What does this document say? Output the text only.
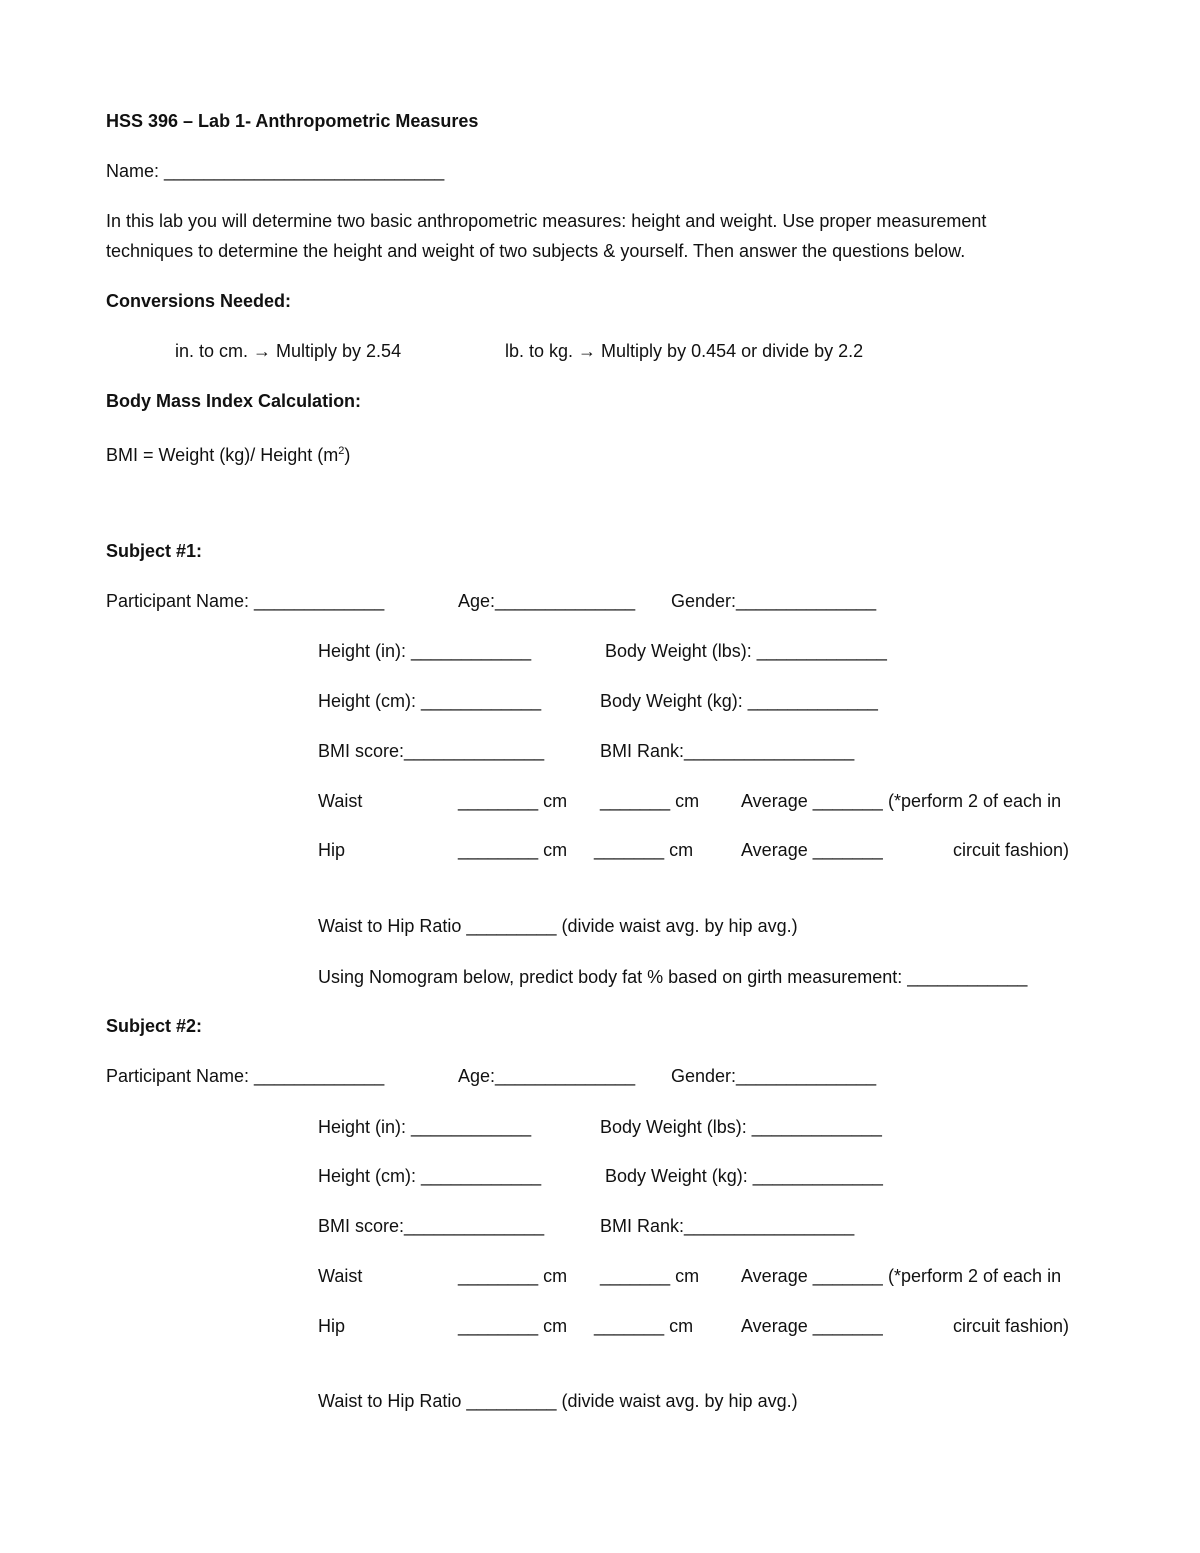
HSS 396 – Lab 1- Anthropometric Measures
Name: ____________________________
In this lab you will determine two basic anthropometric measures: height and weight. Use proper measurement
techniques to determine the height and weight of two subjects & yourself. Then answer the questions below.
Conversions Needed:
in. to cm. → Multiply by 2.54	lb. to kg. → Multiply by 0.454 or divide by 2.2
Body Mass Index Calculation:
BMI = Weight (kg)/ Height $(m^2)$
Subject #1:
Participant Name: _____________	Age:______________ Gender:______________
Height (in): ____________	Body Weight (lbs): _____________
Height (cm): ____________	Body Weight (kg): _____________
BMI score:______________	BMI Rank:_________________
Waist	________ cm _______ cm Average _______ (*perform 2 of each in
Hip	________ cm _______ cm	Average _______	circuit fashion)
Waist to Hip Ratio _________ (divide waist avg. by hip avg.)
Using Nomogram below, predict body fat % based on girth measurement: ____________
Subject #2:
Participant Name: _____________	Age:______________ Gender:______________
Height (in): ____________	Body Weight (lbs): _____________
Height (cm): ____________	Body Weight (kg): _____________
BMI score:______________	BMI Rank:_________________
Waist	________ cm _______ cm Average _______ (*perform 2 of each in
Hip	________ cm _______ cm	Average _______	circuit fashion)
Waist to Hip Ratio _________ (divide waist avg. by hip avg.)
